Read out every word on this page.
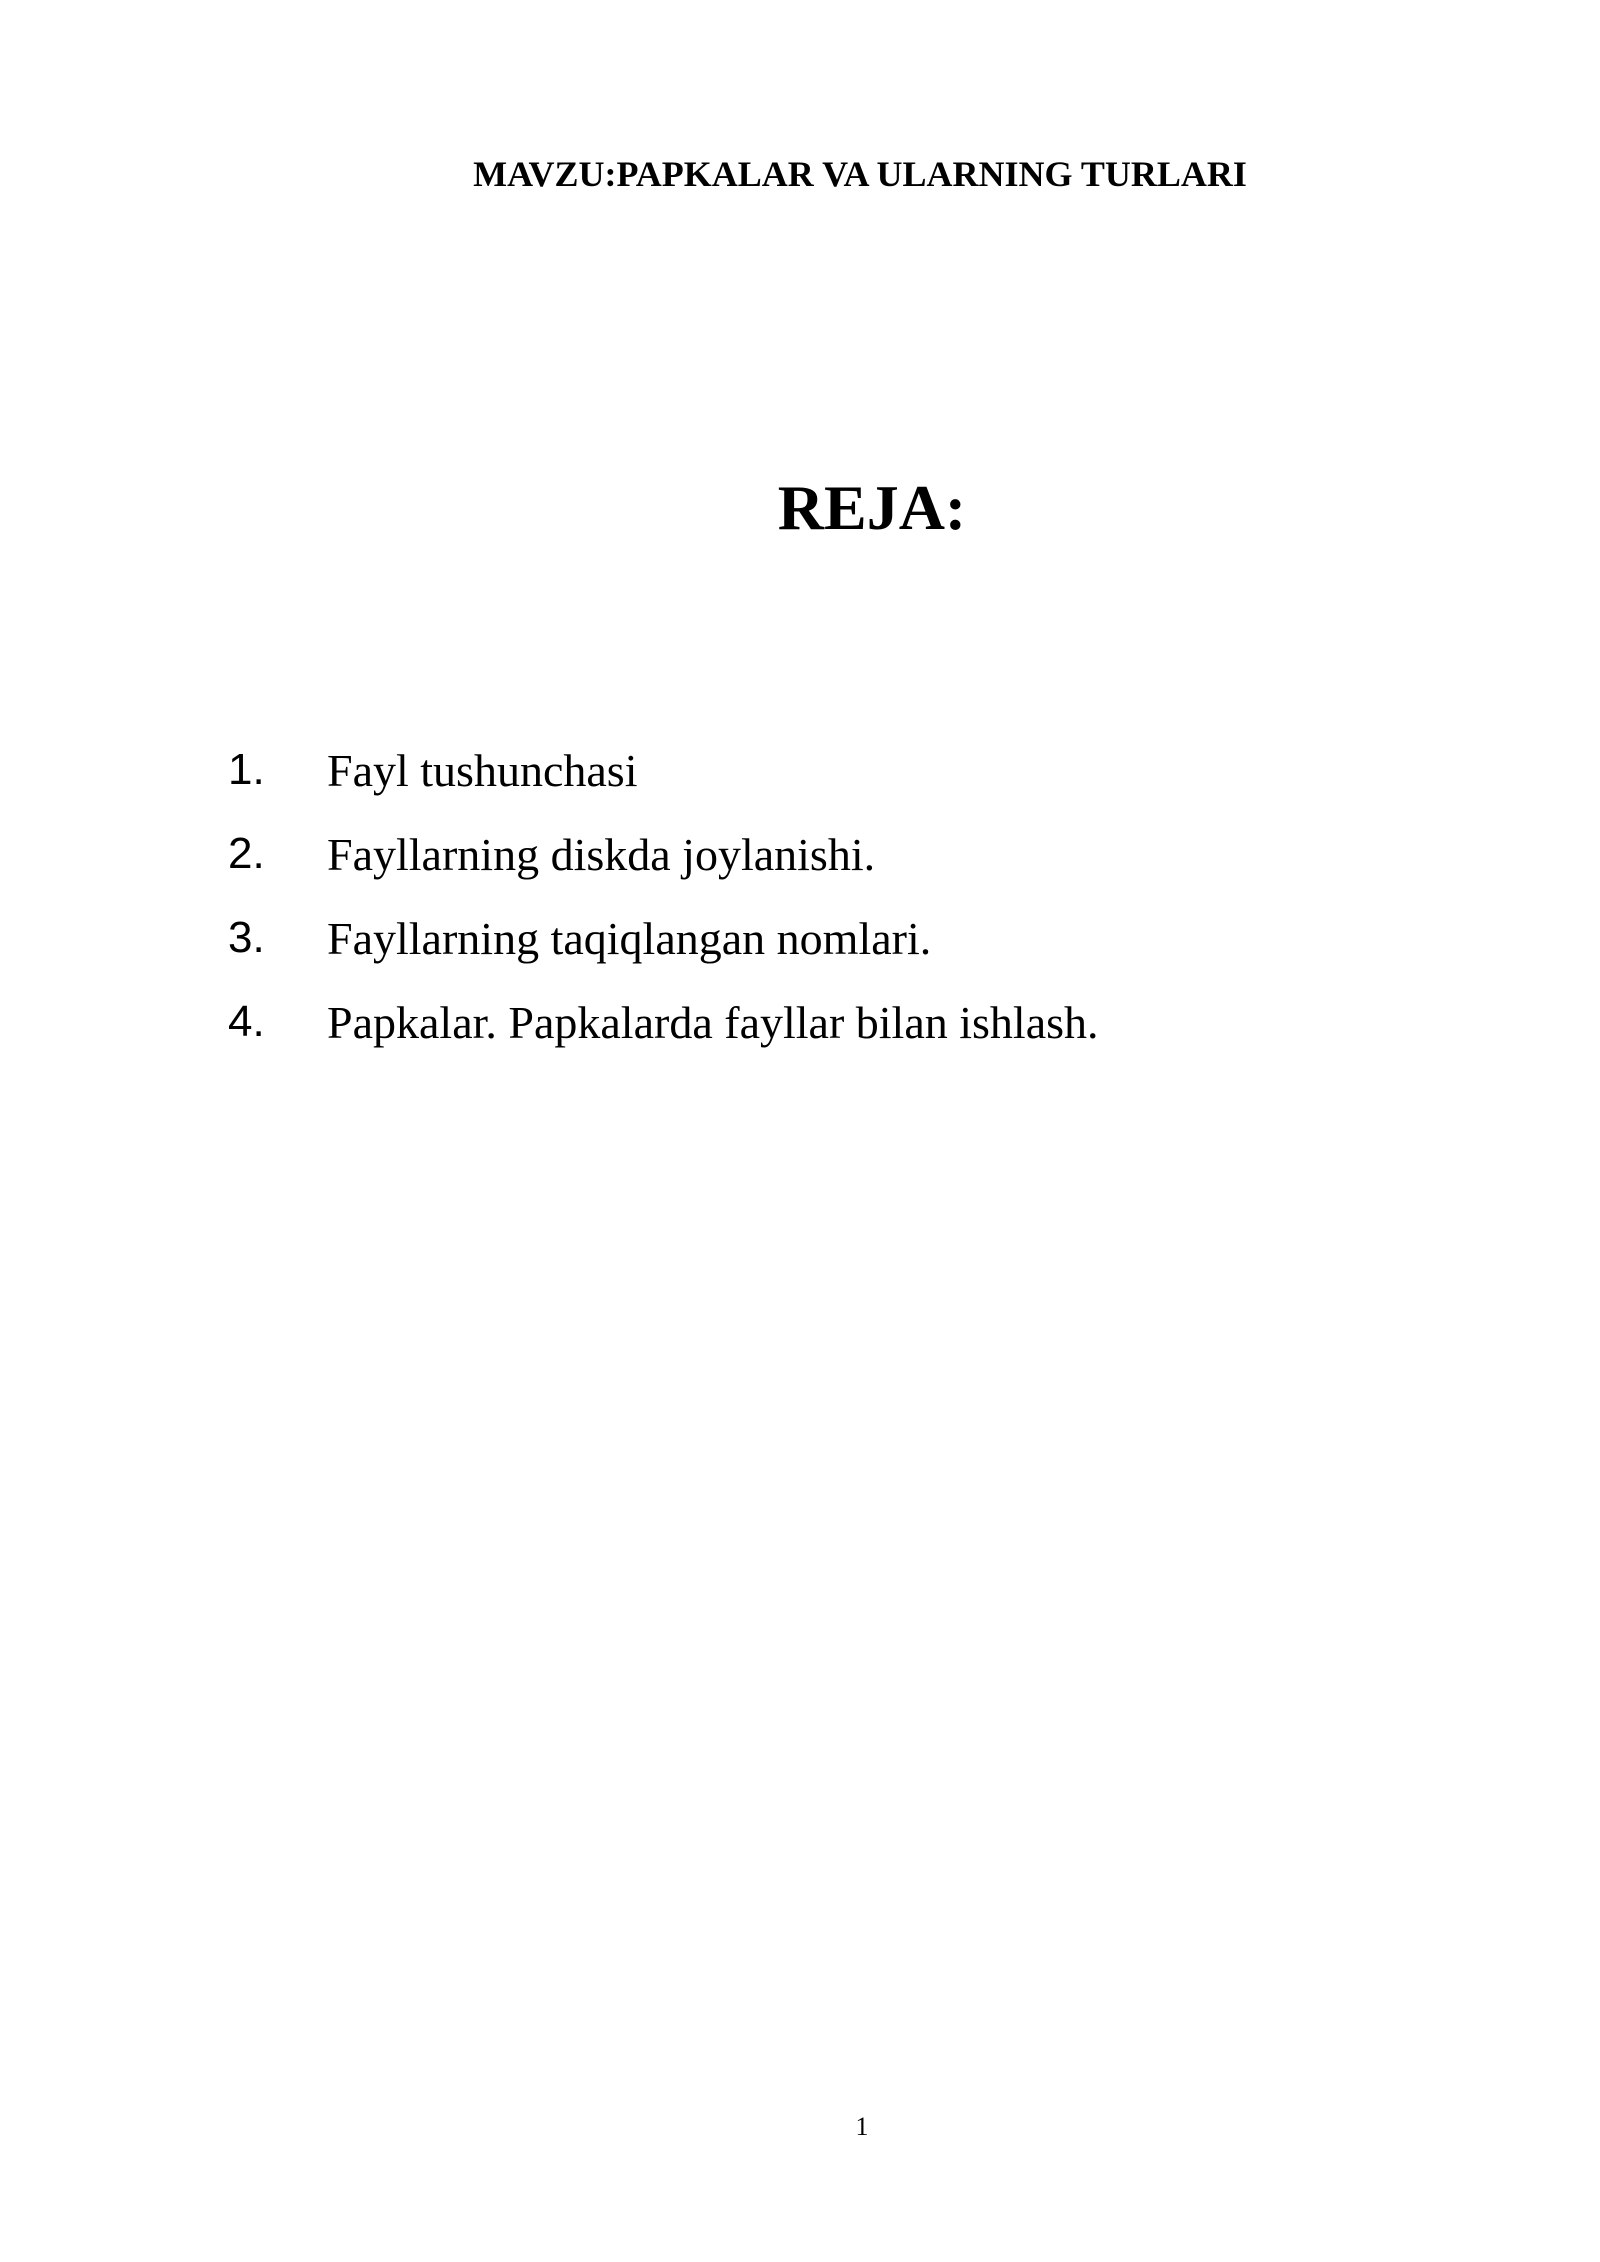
MAVZU:PAPKALAR VA ULARNING TURLARI
REJA:
1.	Fayl tushunchasi
2.	Fayllarning diskda joylanishi.
3.	Fayllarning taqiqlangan nomlari.
4.	Papkalar. Papkalarda fayllar bilan ishlash.
1
